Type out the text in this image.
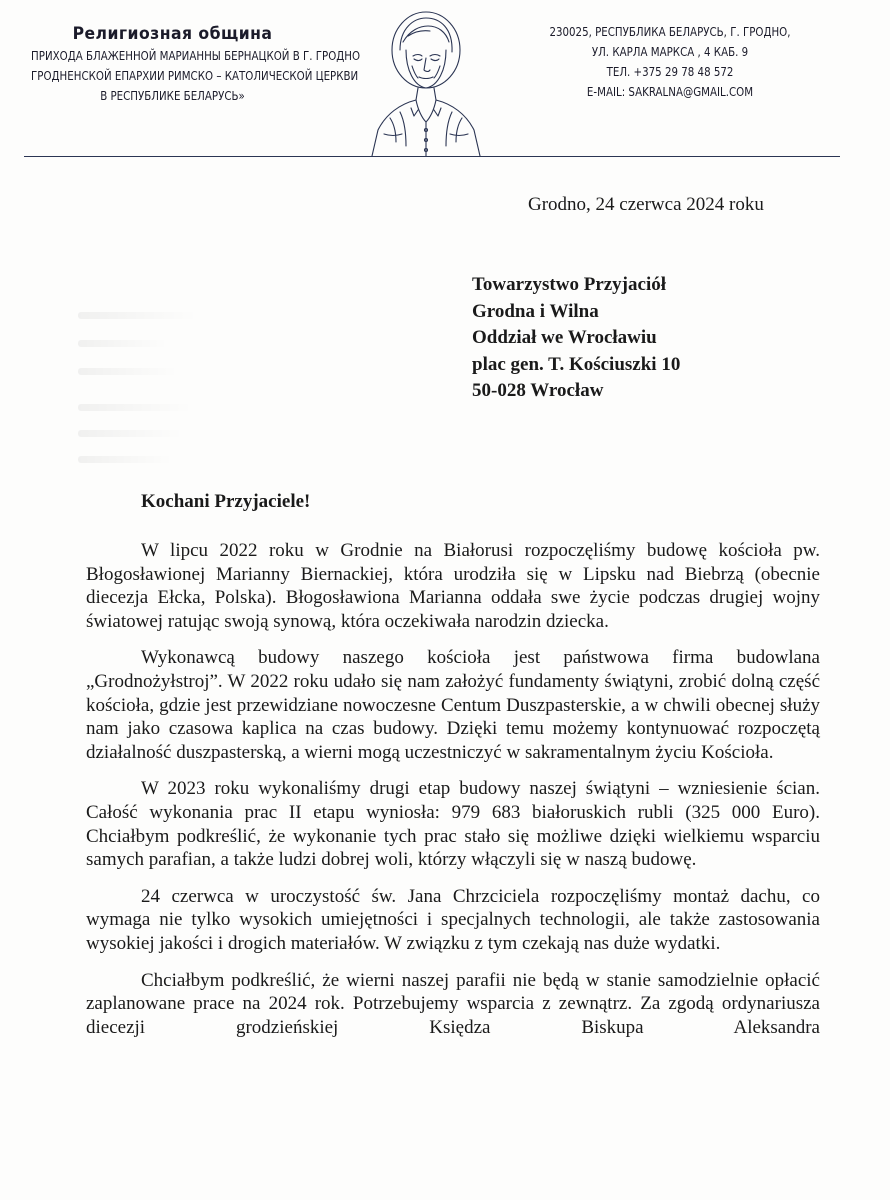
Религиозная община
ПРИХОДА БЛАЖЕННОЙ МАРИАННЫ БЕРНАЦКОЙ В Г. ГРОДНО
ГРОДНЕНСКОЙ ЕПАРХИИ РИМСКО – КАТОЛИЧЕСКОЙ ЦЕРКВИ
В РЕСПУБЛИКЕ БЕЛАРУСЬ»
230025, РЕСПУБЛИКА БЕЛАРУСЬ, Г. ГРОДНО,
УЛ. КАРЛА МАРКСА , 4 КАБ. 9
ТЕЛ. +375 29 78 48 572
E-MAIL: SAKRALNA@GMAIL.COM
Grodno, 24 czerwca 2024 roku
Towarzystwo Przyjaciół
Grodna i Wilna
Oddział we Wrocławiu
plac gen. T. Kościuszki 10
50-028 Wrocław
Kochani Przyjaciele!

W lipcu 2022 roku w Grodnie na Białorusi rozpoczęliśmy budowę kościoła pw. Błogosławionej Marianny Biernackiej, która urodziła się w Lipsku nad Biebrzą (obecnie diecezja Ełcka, Polska). Błogosławiona Marianna oddała swe życie podczas drugiej wojny światowej ratując swoją synową, która oczekiwała narodzin dziecka.

Wykonawcą budowy naszego kościoła jest państwowa firma budowlana „Grodnożyłstroj”. W 2022 roku udało się nam założyć fundamenty świątyni, zrobić dolną część kościoła, gdzie jest przewidziane nowoczesne Centum Duszpasterskie, a w chwili obecnej służy nam jako czasowa kaplica na czas budowy. Dzięki temu możemy kontynuować rozpoczętą działalność duszpasterską, a wierni mogą uczestniczyć w sakramentalnym życiu Kościoła.

W 2023 roku wykonaliśmy drugi etap budowy naszej świątyni – wzniesienie ścian. Całość wykonania prac II etapu wyniosła: 979 683 białoruskich rubli (325 000 Euro). Chciałbym podkreślić, że wykonanie tych prac stało się możliwe dzięki wielkiemu wsparciu samych parafian, a także ludzi dobrej woli, którzy włączyli się w naszą budowę.

24 czerwca w uroczystość św. Jana Chrzciciela rozpoczęliśmy montaż dachu, co wymaga nie tylko wysokich umiejętności i specjalnych technologii, ale także zastosowania wysokiej jakości i drogich materiałów. W związku z tym czekają nas duże wydatki.

Chciałbym podkreślić, że wierni naszej parafii nie będą w stanie samodzielnie opłacić zaplanowane prace na 2024 rok. Potrzebujemy wsparcia z zewnątrz. Za zgodą ordynariusza diecezji grodzieńskiej Księdza Biskupa Aleksandra
